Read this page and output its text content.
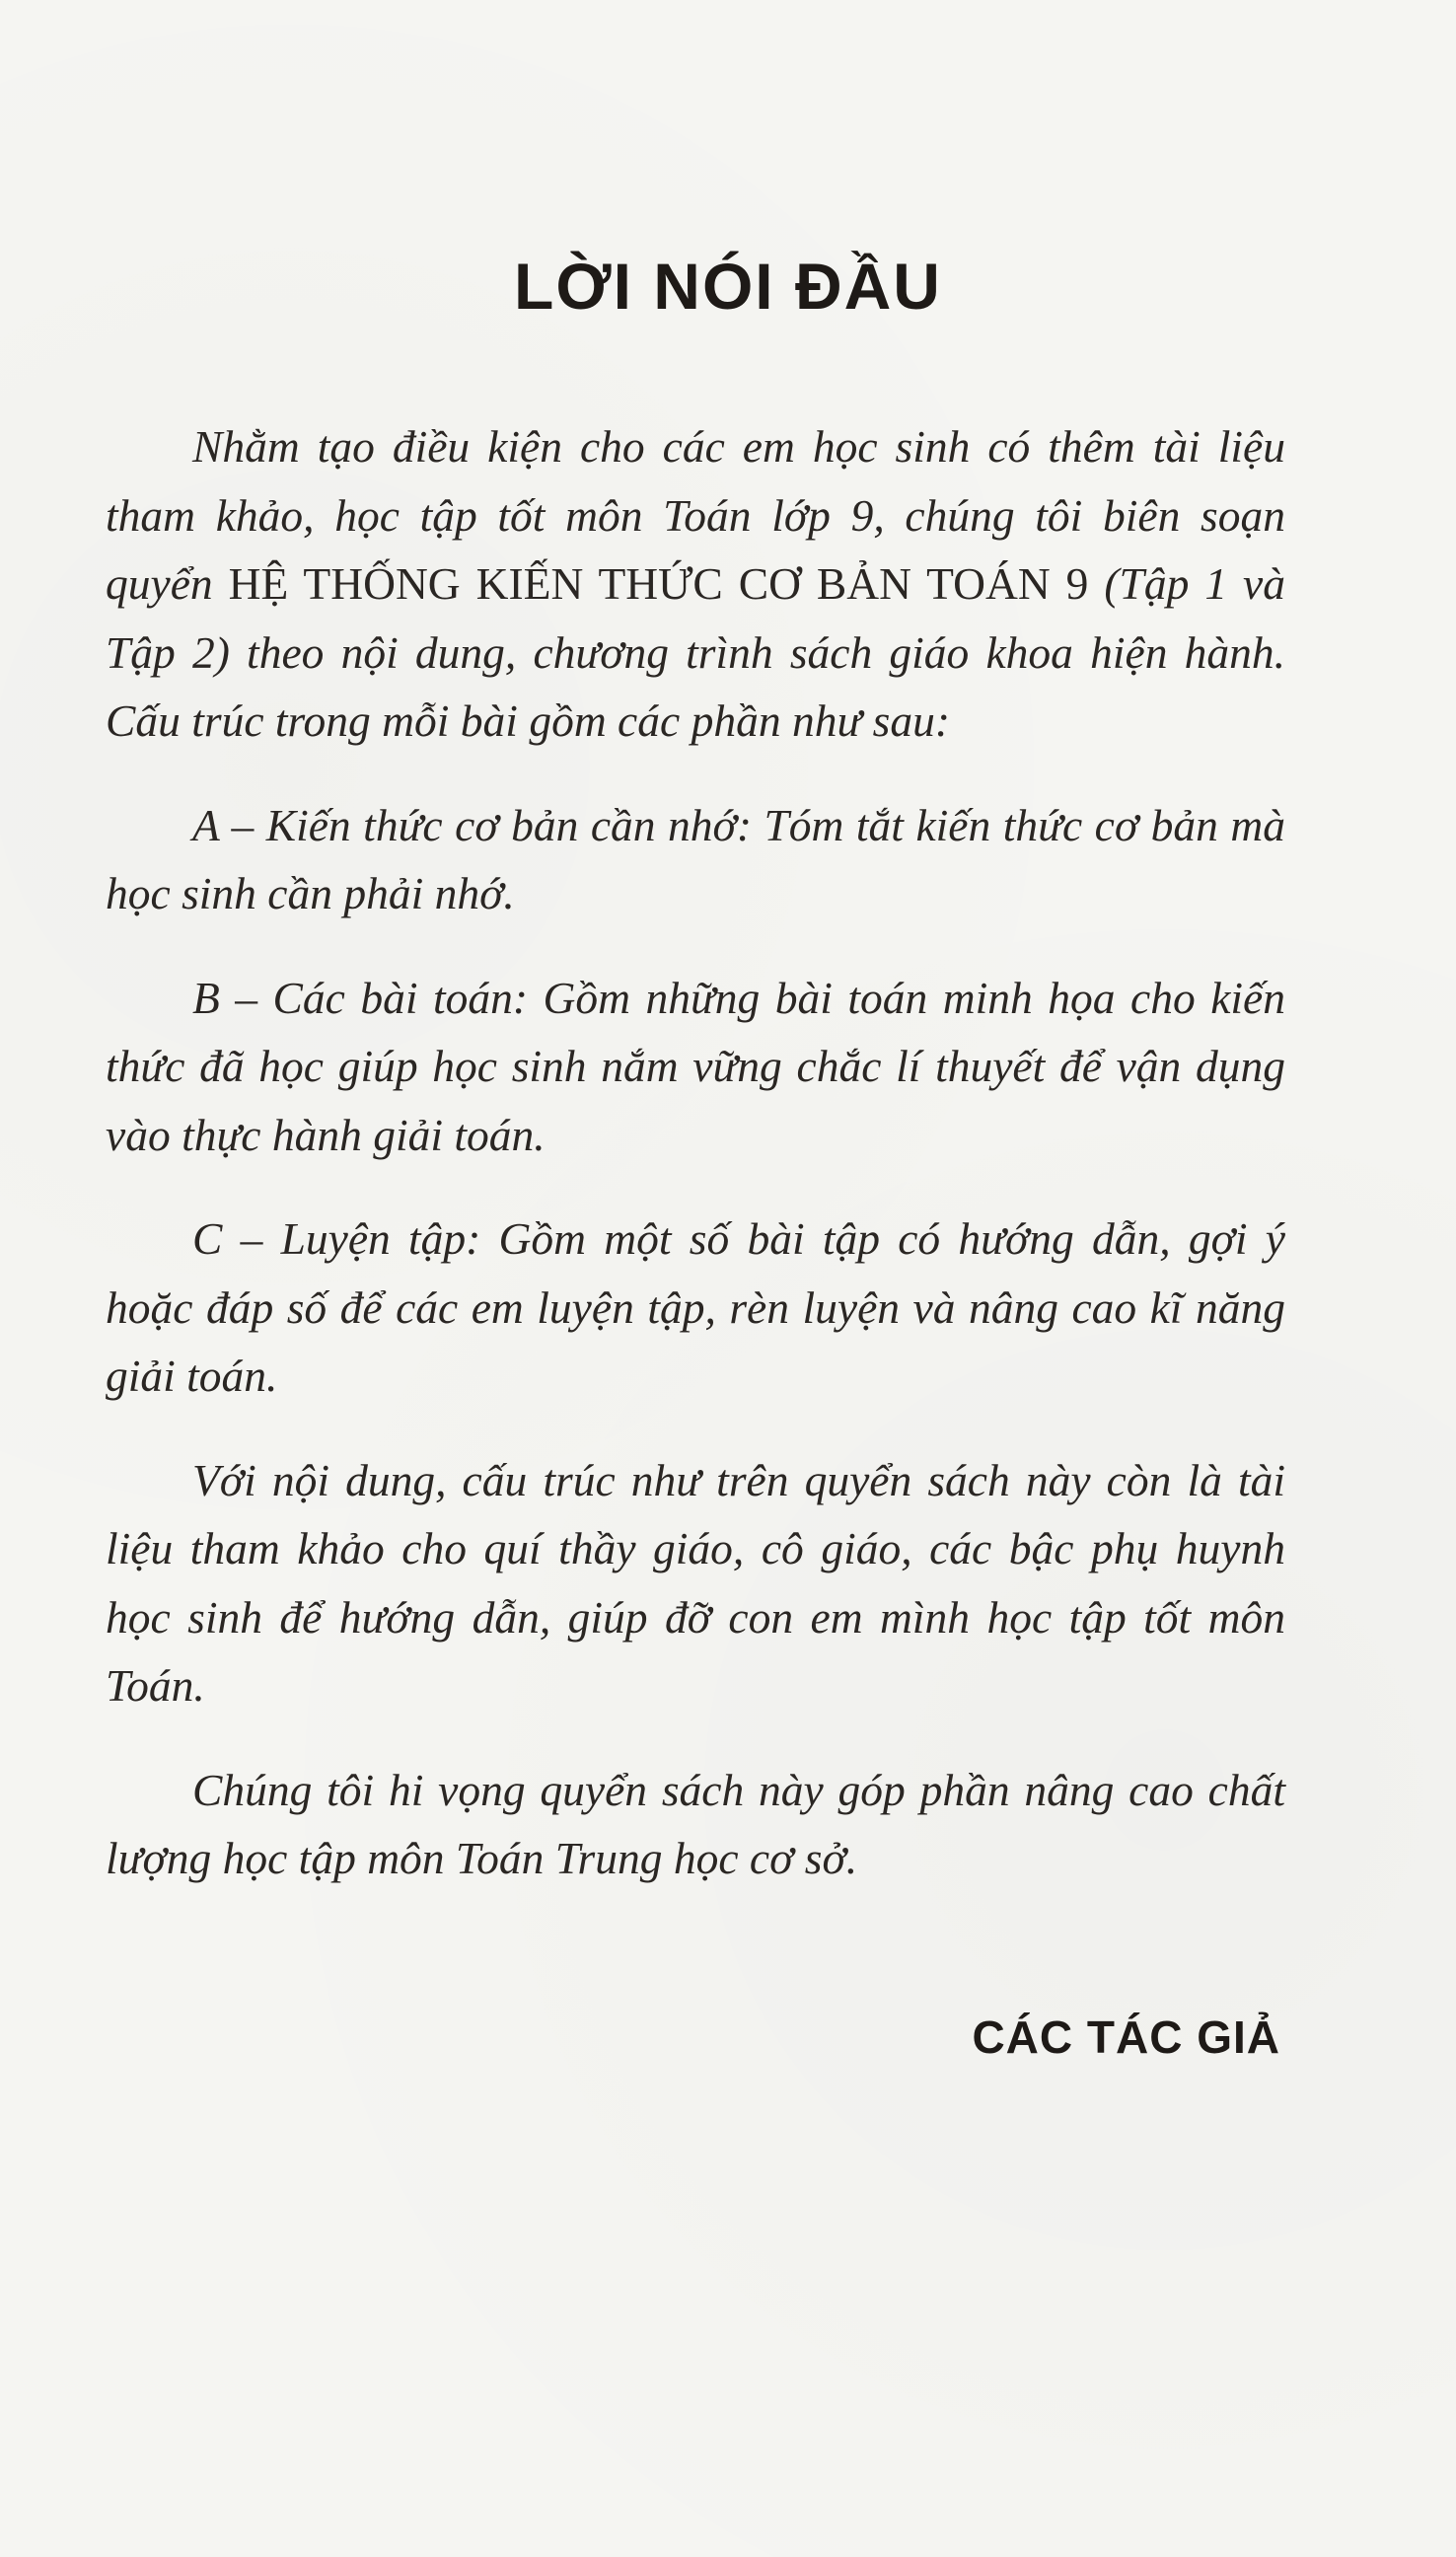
LỜI NÓI ĐẦU

Nhằm tạo điều kiện cho các em học sinh có thêm tài liệu tham khảo, học tập tốt môn Toán lớp 9, chúng tôi biên soạn quyển HỆ THỐNG KIẾN THỨC CƠ BẢN TOÁN 9 (Tập 1 và Tập 2) theo nội dung, chương trình sách giáo khoa hiện hành. Cấu trúc trong mỗi bài gồm các phần như sau:

A – Kiến thức cơ bản cần nhớ: Tóm tắt kiến thức cơ bản mà học sinh cần phải nhớ.

B – Các bài toán: Gồm những bài toán minh họa cho kiến thức đã học giúp học sinh nắm vững chắc lí thuyết để vận dụng vào thực hành giải toán.

C – Luyện tập: Gồm một số bài tập có hướng dẫn, gợi ý hoặc đáp số để các em luyện tập, rèn luyện và nâng cao kĩ năng giải toán.

Với nội dung, cấu trúc như trên quyển sách này còn là tài liệu tham khảo cho quí thầy giáo, cô giáo, các bậc phụ huynh học sinh để hướng dẫn, giúp đỡ con em mình học tập tốt môn Toán.

Chúng tôi hi vọng quyển sách này góp phần nâng cao chất lượng học tập môn Toán Trung học cơ sở.

CÁC TÁC GIẢ
